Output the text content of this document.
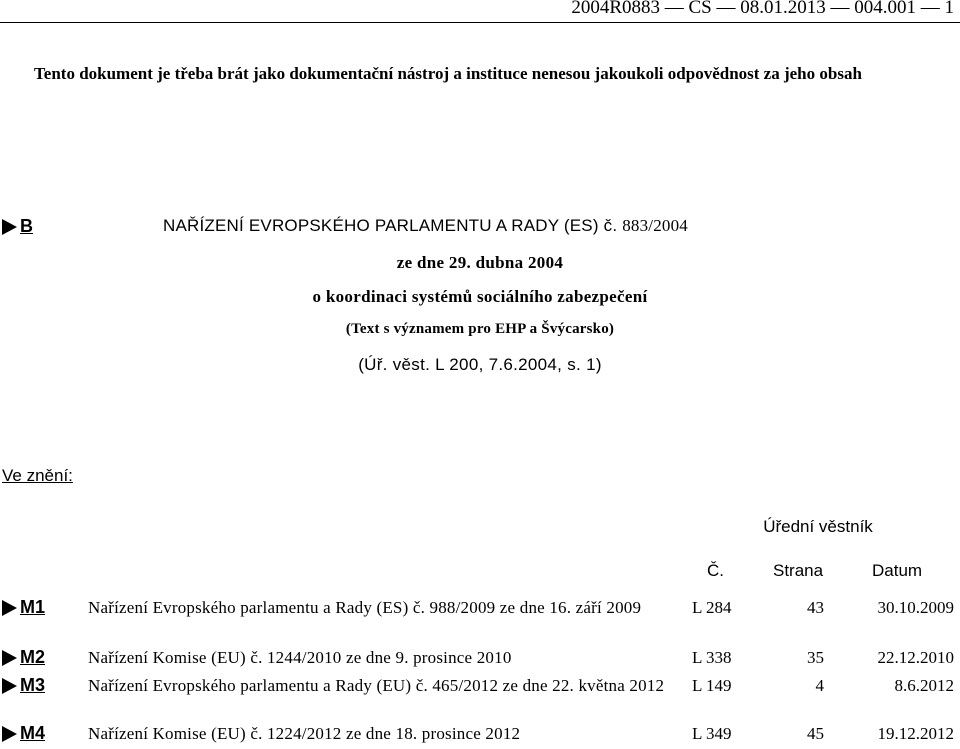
2004R0883 — CS — 08.01.2013 — 004.001 — 1
Tento dokument je třeba brát jako dokumentační nástroj a instituce nenesou jakoukoli odpovědnost za jeho obsah
B	NAŘÍZENÍ EVROPSKÉHO PARLAMENTU A RADY (ES) č. 883/2004
ze dne 29. dubna 2004
o koordinaci systémů sociálního zabezpečení
(Text s významem pro EHP a Švýcarsko)
(Úř. věst. L 200, 7.6.2004, s. 1)
Ve znění:
Úřední věstník
Č.	Strana	Datum
M1	Nařízení Evropského parlamentu a Rady (ES) č. 988/2009 ze dne 16. září 2009	L 284	43	30.10.2009
M2	Nařízení Komise (EU) č. 1244/2010 ze dne 9. prosince 2010	L 338	35	22.12.2010
M3	Nařízení Evropského parlamentu a Rady (EU) č. 465/2012 ze dne 22. května 2012	L 149	4	8.6.2012
M4	Nařízení Komise (EU) č. 1224/2012 ze dne 18. prosince 2012	L 349	45	19.12.2012
